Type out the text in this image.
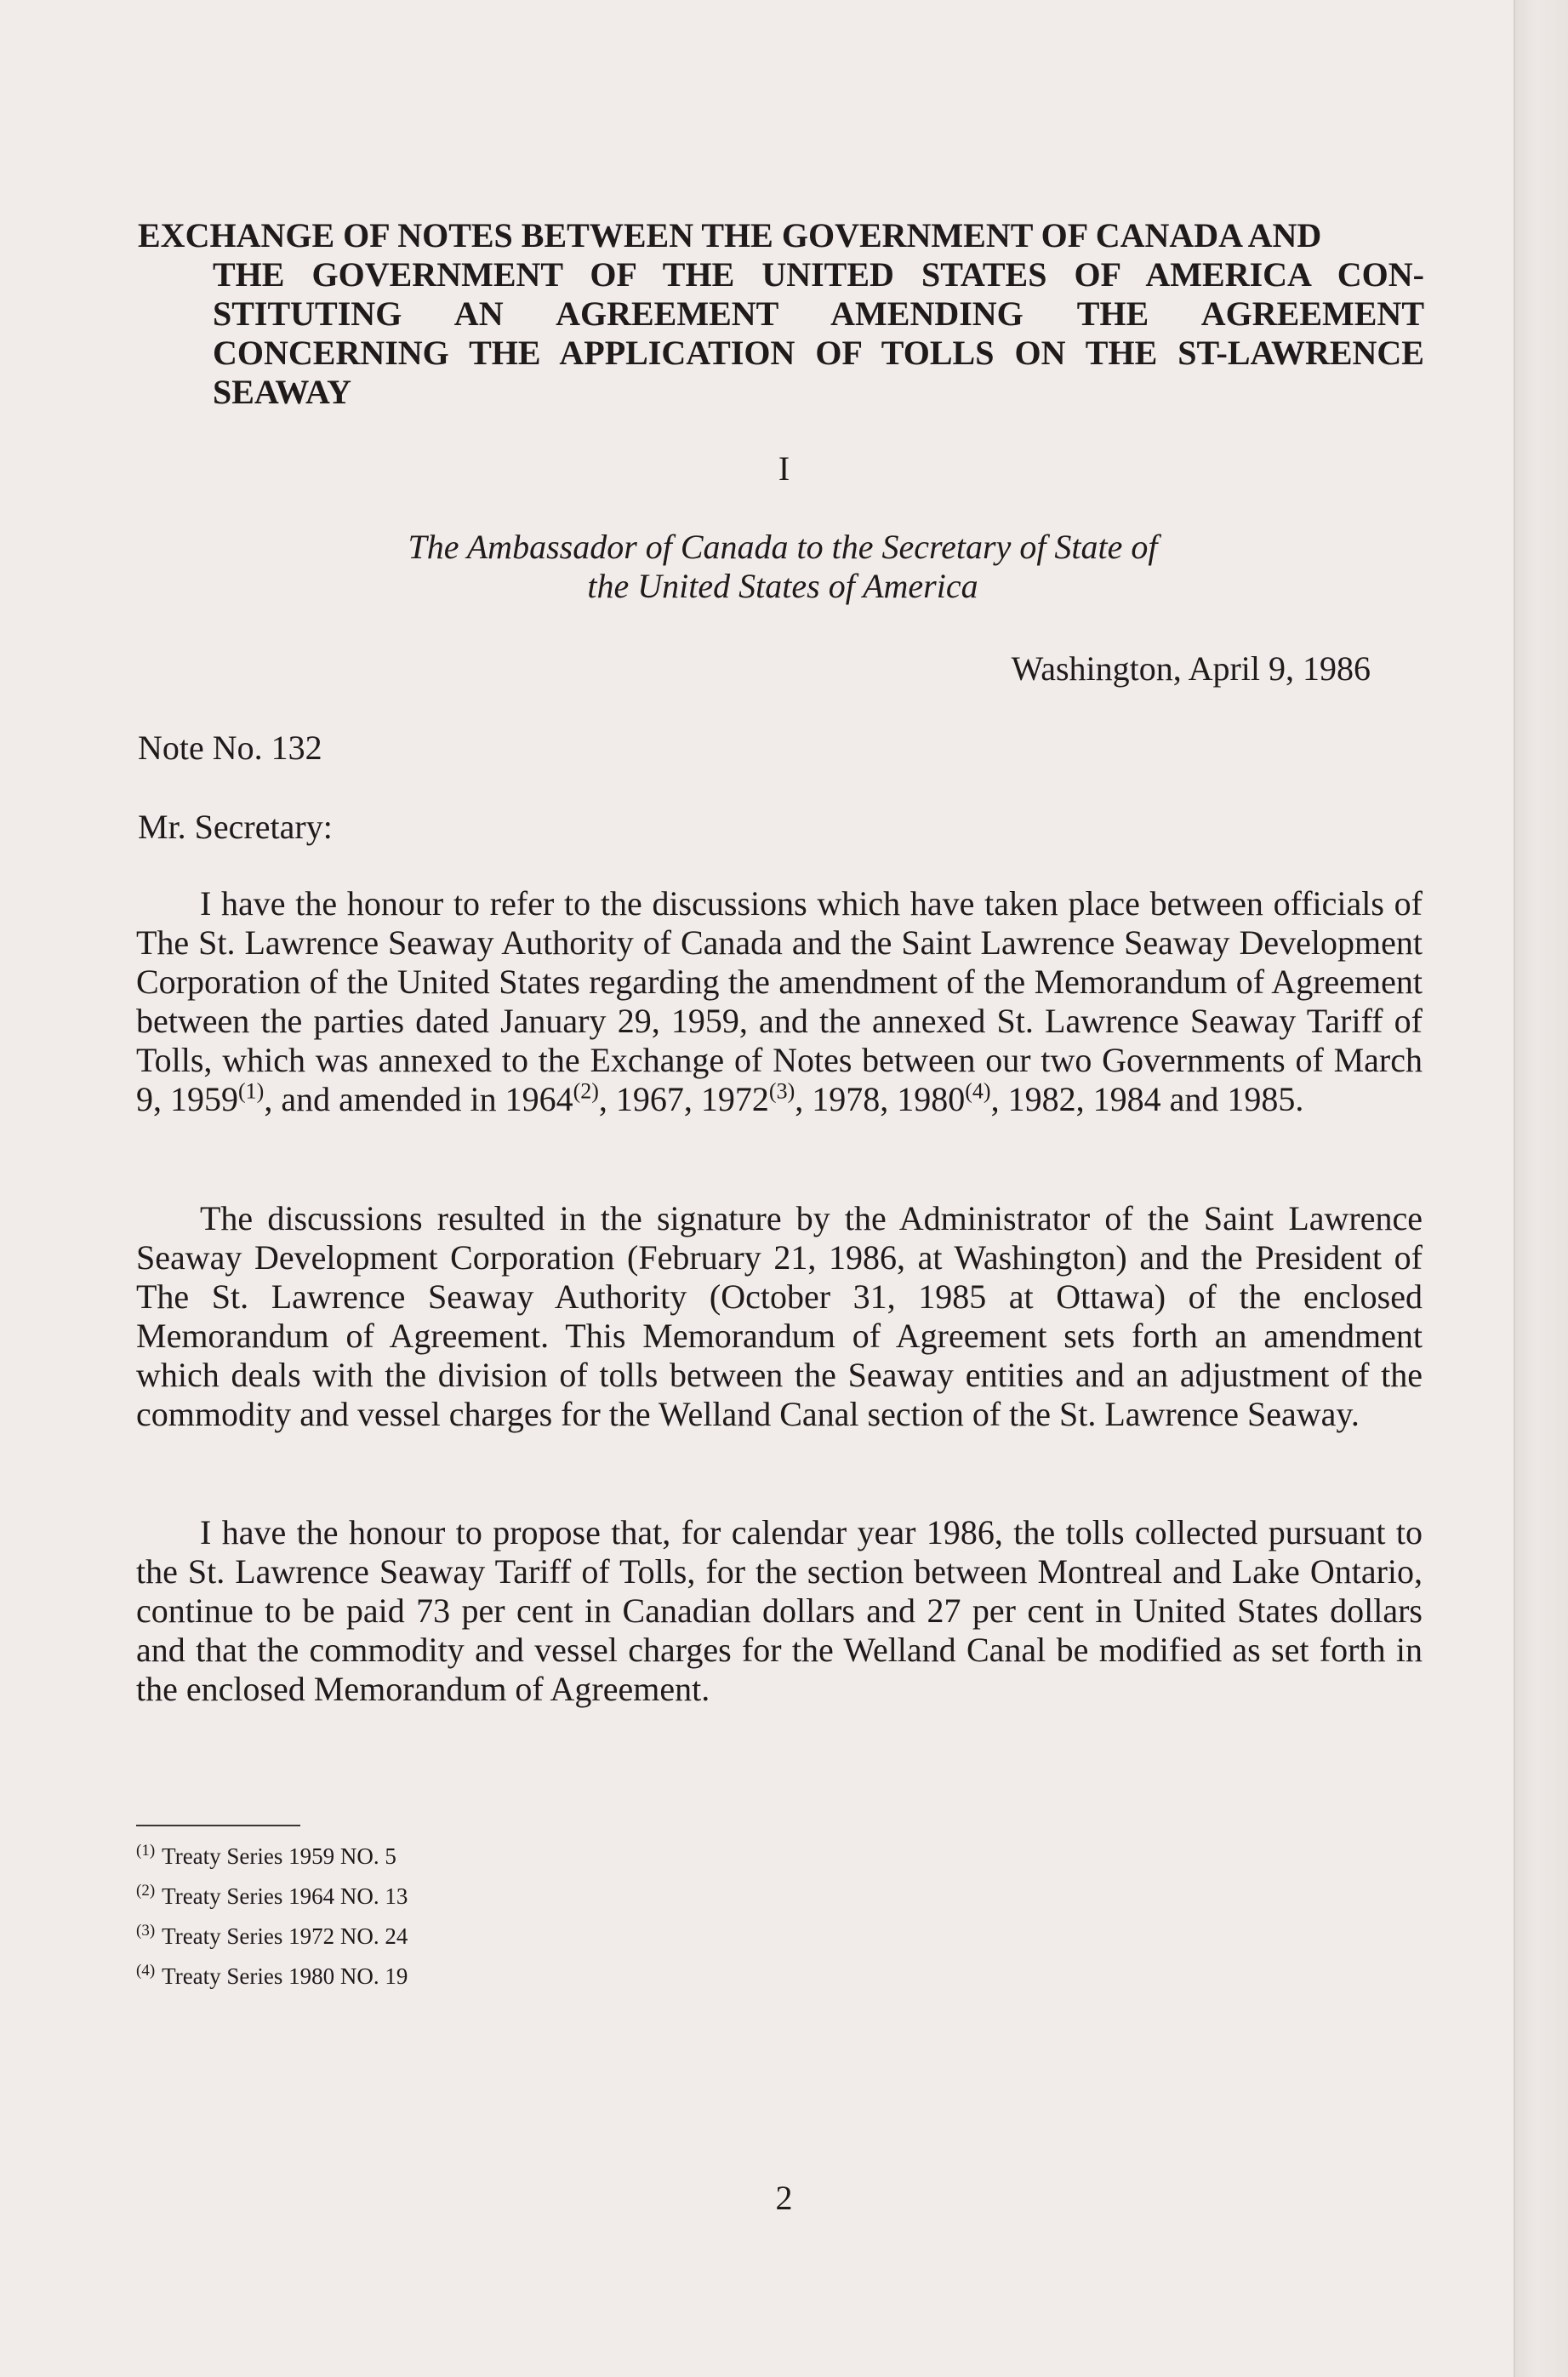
EXCHANGE OF NOTES BETWEEN THE GOVERNMENT OF CANADA AND
THE GOVERNMENT OF THE UNITED STATES OF AMERICA CON-
STITUTING AN AGREEMENT AMENDING THE AGREEMENT
CONCERNING THE APPLICATION OF TOLLS ON THE ST-LAWRENCE
SEAWAY
I
The Ambassador of Canada to the Secretary of State of
the United States of America
Washington, April 9, 1986
Note No. 132
Mr. Secretary:

I have the honour to refer to the discussions which have taken place between officials of The St. Lawrence Seaway Authority of Canada and the Saint Lawrence Seaway Development Corporation of the United States regarding the amendment of the Memorandum of Agreement between the parties dated January 29, 1959, and the annexed St. Lawrence Seaway Tariff of Tolls, which was annexed to the Exchange of Notes between our two Governments of March 9, 1959$^{(1)}$, and amended in 1964$^{(2)}$, 1967, 1972$^{(3)}$, 1978, 1980$^{(4)}$, 1982, 1984 and 1985.

The discussions resulted in the signature by the Administrator of the Saint Lawrence Seaway Development Corporation (February 21, 1986, at Washington) and the President of The St. Lawrence Seaway Authority (October 31, 1985 at Ottawa) of the enclosed Memorandum of Agreement. This Memorandum of Agreement sets forth an amendment which deals with the division of tolls between the Seaway entities and an adjustment of the commodity and vessel charges for the Welland Canal section of the St. Lawrence Seaway.

I have the honour to propose that, for calendar year 1986, the tolls collected pursuant to the St. Lawrence Seaway Tariff of Tolls, for the section between Montreal and Lake Ontario, continue to be paid 73 per cent in Canadian dollars and 27 per cent in United States dollars and that the commodity and vessel charges for the Welland Canal be modified as set forth in the enclosed Memorandum of Agreement.

$^{(1)}$ Treaty Series 1959 NO. 5
$^{(2)}$ Treaty Series 1964 NO. 13
$^{(3)}$ Treaty Series 1972 NO. 24
$^{(4)}$ Treaty Series 1980 NO. 19
2
